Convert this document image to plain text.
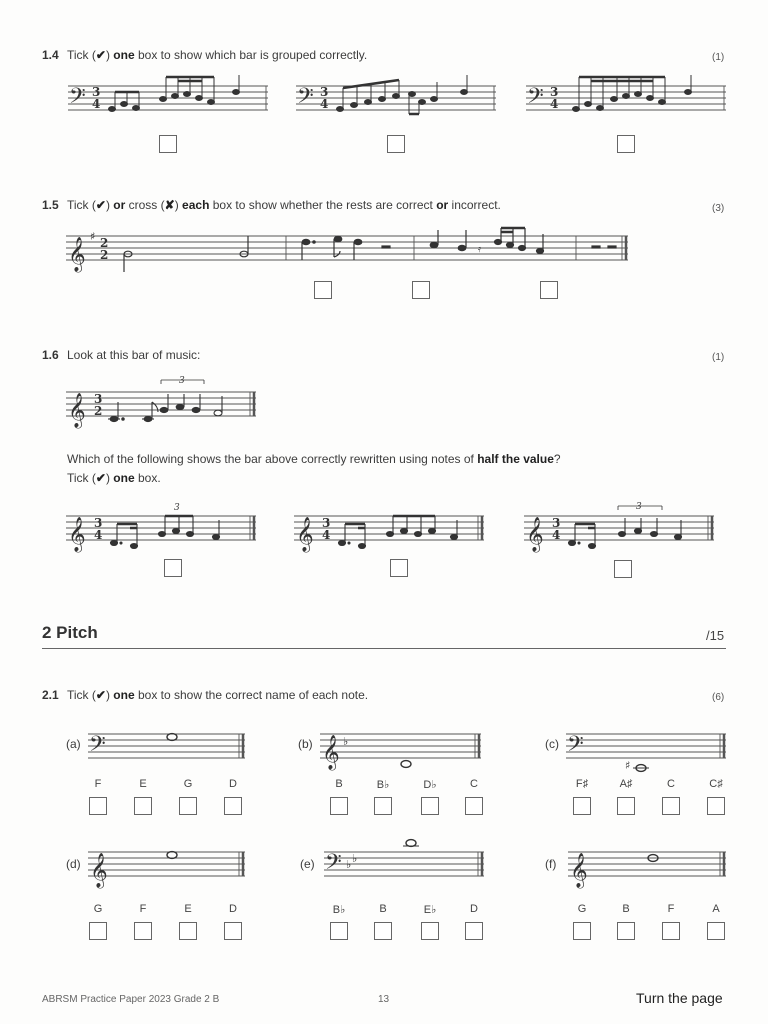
1.4 Tick (✔) one box to show which bar is grouped correctly.	(1)
𝄢	𝄢	𝄢
3
4
3
4
3
4
1.5 Tick (✔) or cross (✘) each box to show whether the rests are correct or incorrect.	(3)
𝄞
♯ 2
2	𝄿
1.6 Look at this bar of music:	(1)
𝄞 3
2
3
Which of the following shows the bar above correctly rewritten using notes of half the value?
Tick (✔) one box.
𝄞	𝄞	𝄞
3
4
3
4
3
4
3	3
2 Pitch	/15
2.1 Tick (✔) one box to show the correct name of each note.	(6)
(a)	(b)	(c)
𝄢	𝄢
𝄞 ♭
♯
F	E	G	D	B	B♭	D♭	C	F♯	A♯	C	C♯
(d)	(e)	(f)
𝄞	𝄞
𝄢 ♭ ♭
G	F	E	D	B♭	B	E♭	D	G	B	F	A
ABRSM Practice Paper 2023 Grade 2 B	13	Turn the page
